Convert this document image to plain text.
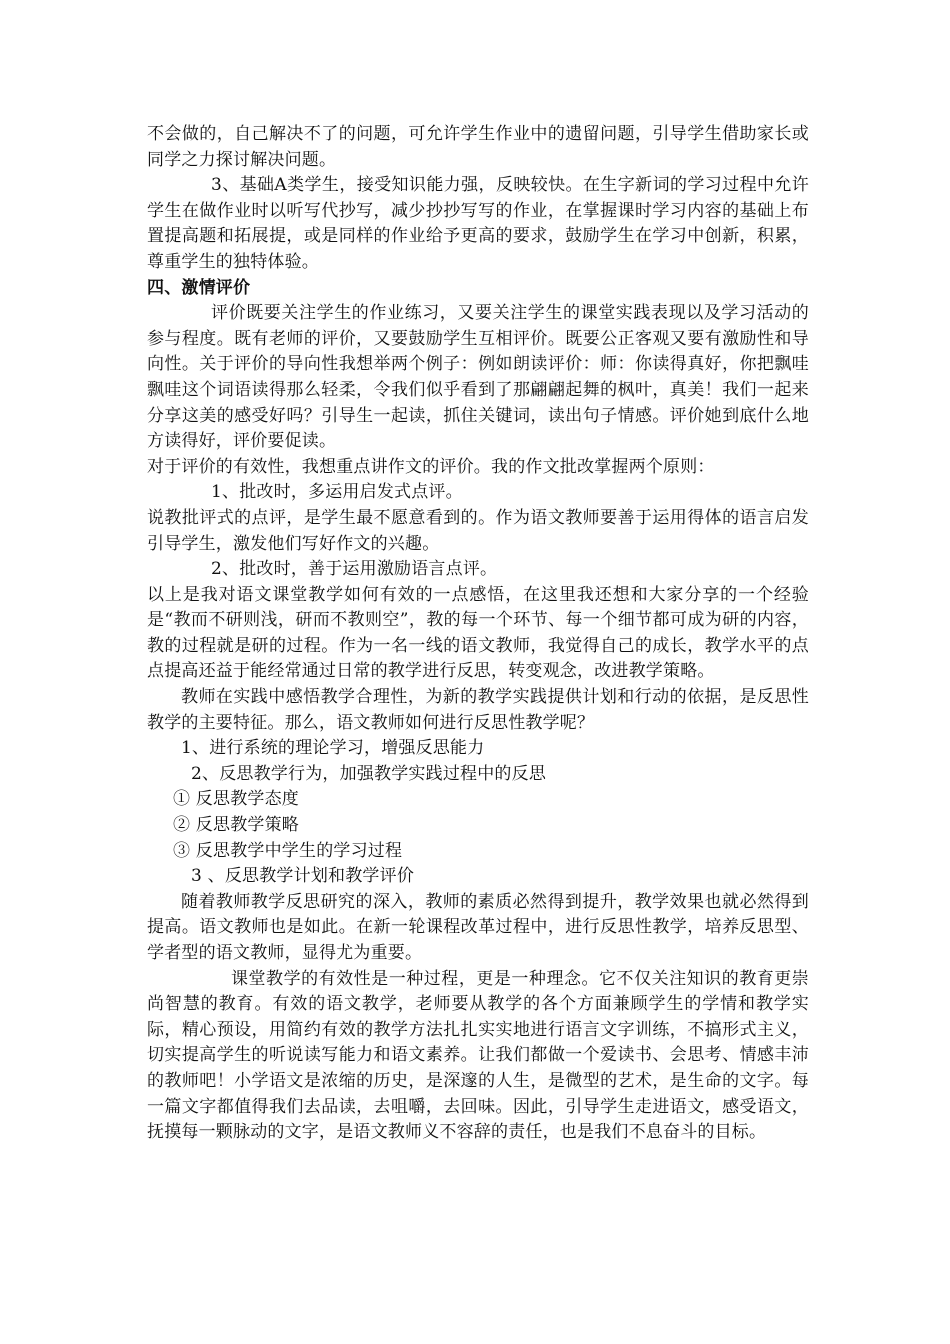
不会做的，自己解决不了的问题，可允许学生作业中的遗留问题，引导学生借助家长或同学之力探讨解决问题。

3、基础A类学生，接受知识能力强，反映较快。在生字新词的学习过程中允许学生在做作业时以听写代抄写，减少抄抄写写的作业，在掌握课时学习内容的基础上布置提高题和拓展提，或是同样的作业给予更高的要求，鼓励学生在学习中创新，积累，尊重学生的独特体验。

四、激情评价

评价既要关注学生的作业练习，又要关注学生的课堂实践表现以及学习活动的参与程度。既有老师的评价，又要鼓励学生互相评价。既要公正客观又要有激励性和导向性。关于评价的导向性我想举两个例子：例如朗读评价：师：你读得真好，你把飘哇飘哇这个词语读得那么轻柔，令我们似乎看到了那翩翩起舞的枫叶，真美！我们一起来分享这美的感受好吗？引导生一起读，抓住关键词，读出句子情感。评价她到底什么地方读得好，评价要促读。

对于评价的有效性，我想重点讲作文的评价。我的作文批改掌握两个原则：

1、批改时，多运用启发式点评。

说教批评式的点评，是学生最不愿意看到的。作为语文教师要善于运用得体的语言启发引导学生，激发他们写好作文的兴趣。

2、批改时，善于运用激励语言点评。

以上是我对语文课堂教学如何有效的一点感悟，在这里我还想和大家分享的一个经验是“教而不研则浅，研而不教则空”，教的每一个环节、每一个细节都可成为研的内容，教的过程就是研的过程。作为一名一线的语文教师，我觉得自己的成长，教学水平的点点提高还益于能经常通过日常的教学进行反思，转变观念，改进教学策略。

教师在实践中感悟教学合理性，为新的教学实践提供计划和行动的依据，是反思性教学的主要特征。那么，语文教师如何进行反思性教学呢？

1、进行系统的理论学习，增强反思能力

2、反思教学行为，加强教学实践过程中的反思

① 反思教学态度

② 反思教学策略

③ 反思教学中学生的学习过程

3 、反思教学计划和教学评价

随着教师教学反思研究的深入，教师的素质必然得到提升，教学效果也就必然得到提高。语文教师也是如此。在新一轮课程改革过程中，进行反思性教学，培养反思型、学者型的语文教师，显得尤为重要。

课堂教学的有效性是一种过程，更是一种理念。它不仅关注知识的教育更崇尚智慧的教育。有效的语文教学，老师要从教学的各个方面兼顾学生的学情和教学实际，精心预设，用简约有效的教学方法扎扎实实地进行语言文字训练，不搞形式主义，切实提高学生的听说读写能力和语文素养。让我们都做一个爱读书、会思考、情感丰沛的教师吧！小学语文是浓缩的历史，是深邃的人生，是微型的艺术，是生命的文字。每一篇文字都值得我们去品读，去咀嚼，去回味。因此，引导学生走进语文，感受语文，抚摸每一颗脉动的文字，是语文教师义不容辞的责任，也是我们不息奋斗的目标。
